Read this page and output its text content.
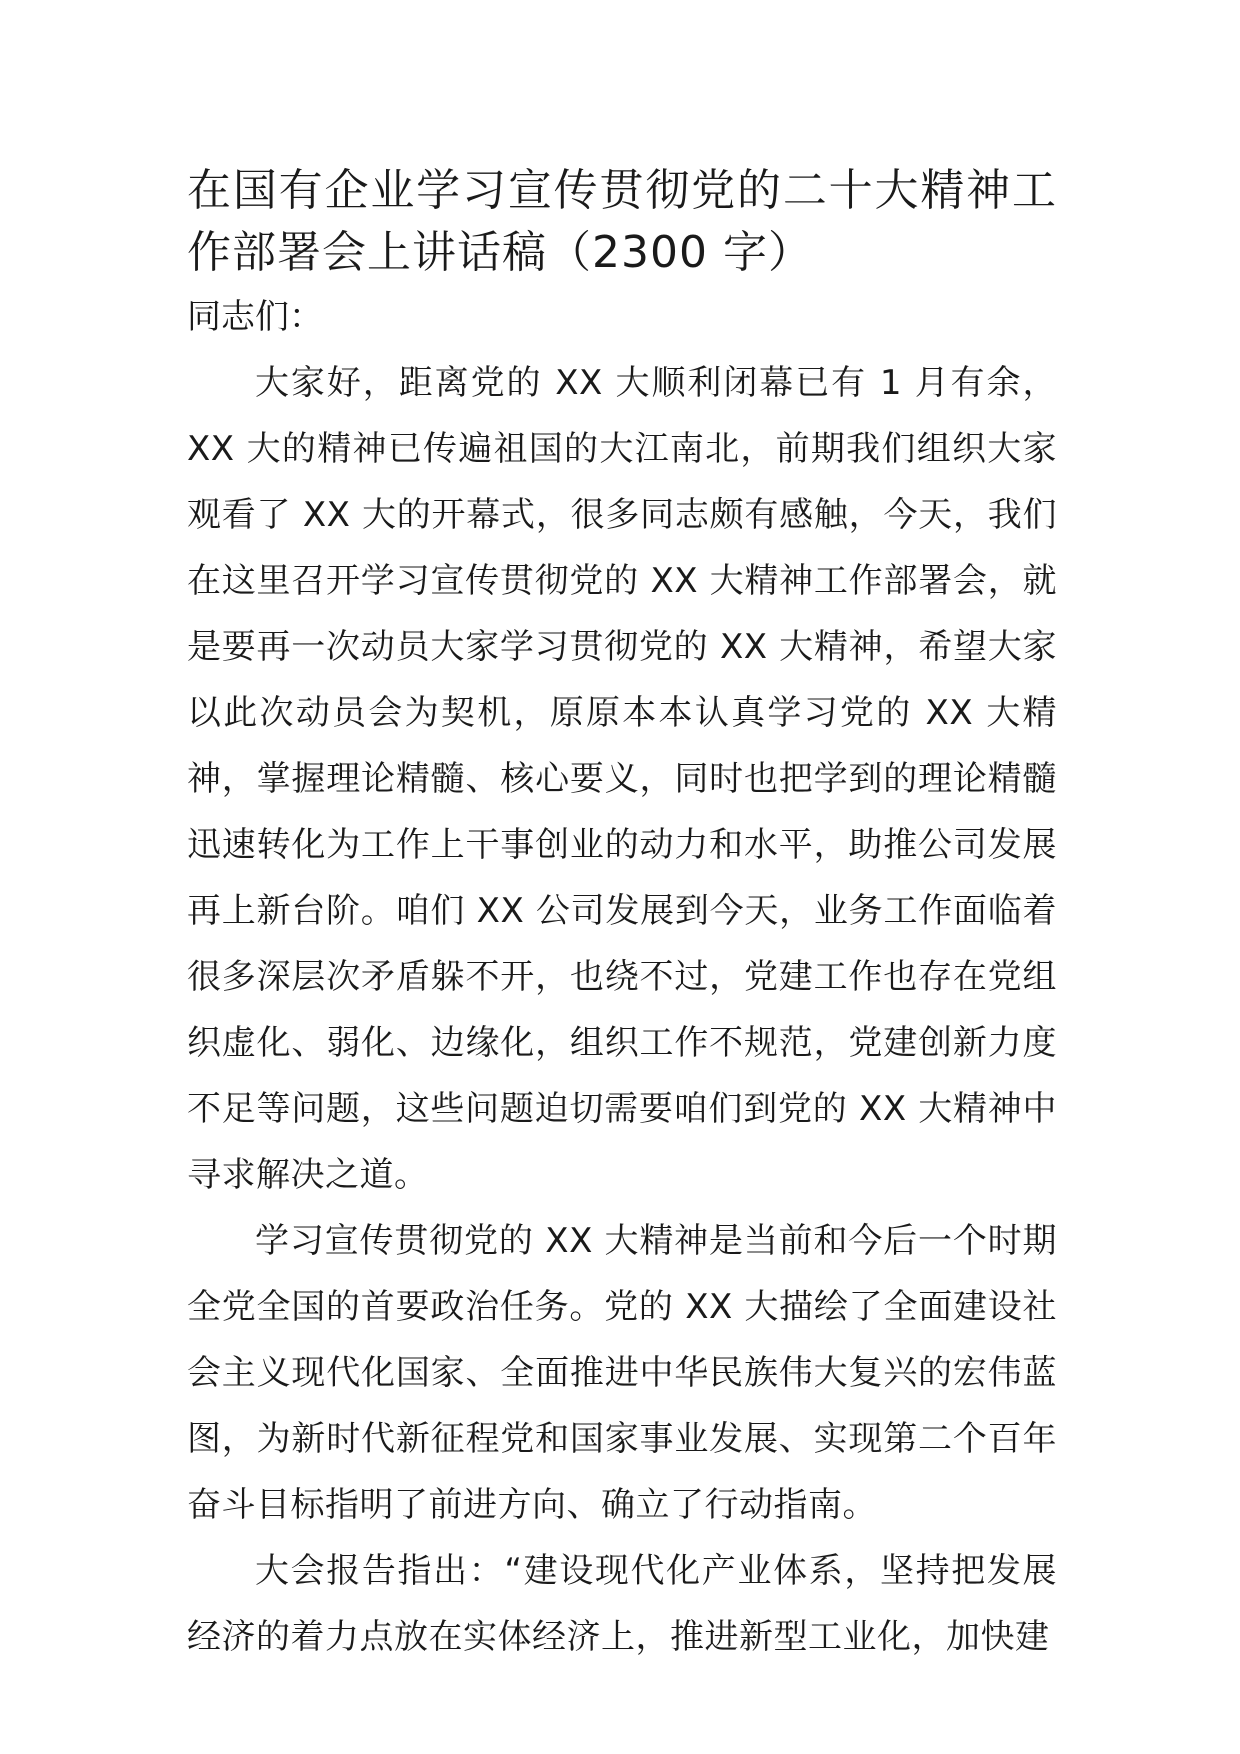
在国有企业学习宣传贯彻党的二十大精神工作部署会上讲话稿（2300 字）

同志们：

大家好，距离党的 XX 大顺利闭幕已有 1 月有余，XX 大的精神已传遍祖国的大江南北，前期我们组织大家观看了 XX 大的开幕式，很多同志颇有感触，今天，我们在这里召开学习宣传贯彻党的 XX 大精神工作部署会，就是要再一次动员大家学习贯彻党的 XX 大精神，希望大家以此次动员会为契机，原原本本认真学习党的 XX 大精神，掌握理论精髓、核心要义，同时也把学到的理论精髓迅速转化为工作上干事创业的动力和水平，助推公司发展再上新台阶。咱们 XX 公司发展到今天，业务工作面临着很多深层次矛盾躲不开，也绕不过，党建工作也存在党组织虚化、弱化、边缘化，组织工作不规范，党建创新力度不足等问题，这些问题迫切需要咱们到党的 XX 大精神中寻求解决之道。

学习宣传贯彻党的 XX 大精神是当前和今后一个时期全党全国的首要政治任务。党的 XX 大描绘了全面建设社会主义现代化国家、全面推进中华民族伟大复兴的宏伟蓝图，为新时代新征程党和国家事业发展、实现第二个百年奋斗目标指明了前进方向、确立了行动指南。

大会报告指出：“建设现代化产业体系，坚持把发展经济的着力点放在实体经济上，推进新型工业化，加快建
